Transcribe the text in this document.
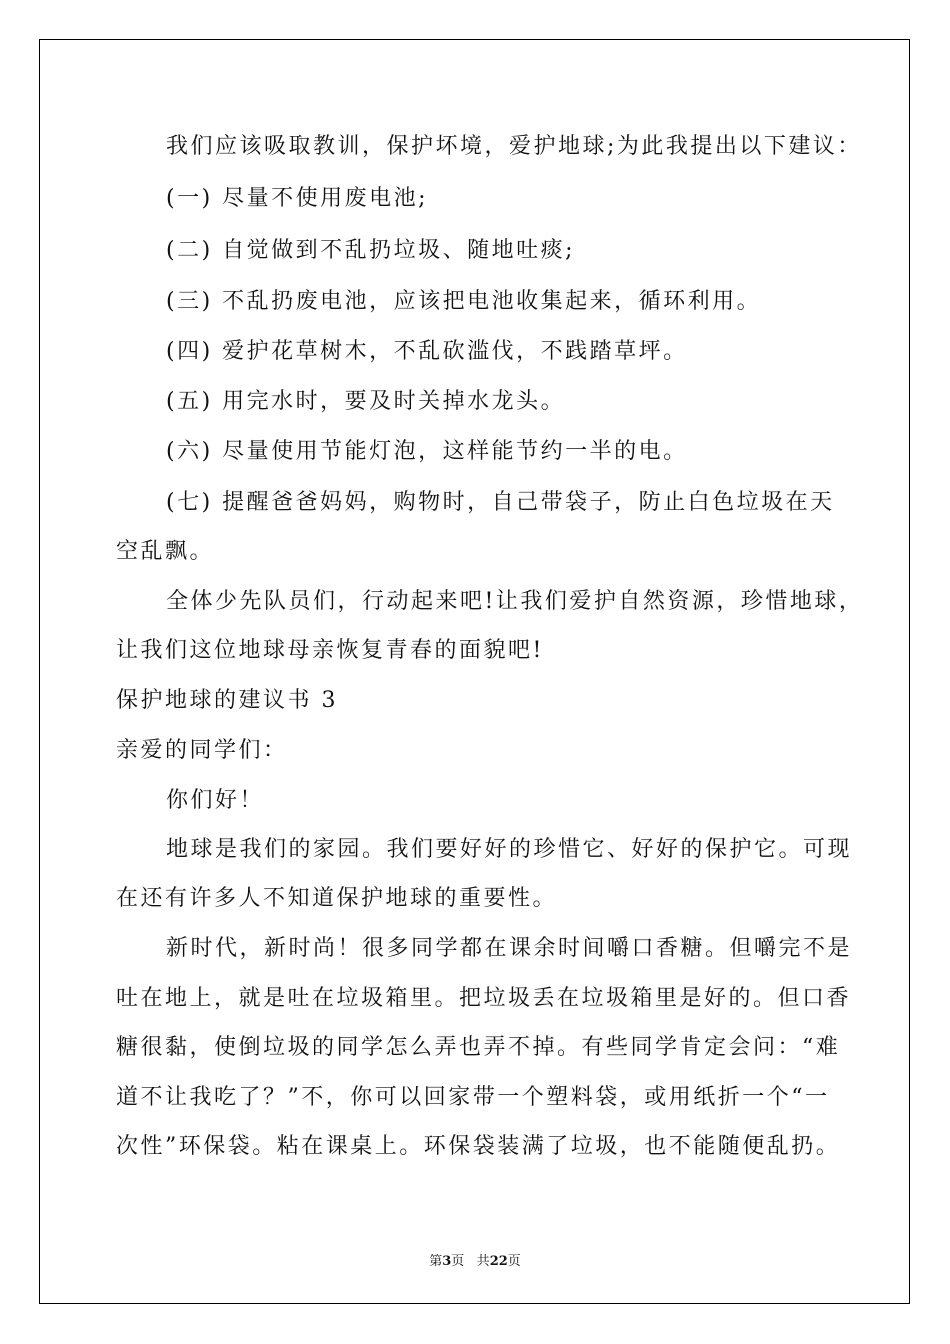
我们应该吸取教训，保护坏境，爱护地球;为此我提出以下建议：
(一) 尽量不使用废电池;
(二) 自觉做到不乱扔垃圾、随地吐痰;
(三) 不乱扔废电池，应该把电池收集起来，循环利用。
(四) 爱护花草树木，不乱砍滥伐，不践踏草坪。
(五) 用完水时，要及时关掉水龙头。
(六) 尽量使用节能灯泡，这样能节约一半的电。
(七) 提醒爸爸妈妈，购物时，自己带袋子，防止白色垃圾在天
空乱飘。
全体少先队员们，行动起来吧!让我们爱护自然资源，珍惜地球，
让我们这位地球母亲恢复青春的面貌吧!
保护地球的建议书 3
亲爱的同学们：
你们好！
地球是我们的家园。我们要好好的珍惜它、好好的保护它。可现
在还有许多人不知道保护地球的重要性。
新时代，新时尚！很多同学都在课余时间嚼口香糖。但嚼完不是
吐在地上，就是吐在垃圾箱里。把垃圾丢在垃圾箱里是好的。但口香
糖很黏，使倒垃圾的同学怎么弄也弄不掉。有些同学肯定会问：“难
道不让我吃了？”不，你可以回家带一个塑料袋，或用纸折一个“一
次性”环保袋。粘在课桌上。环保袋装满了垃圾，也不能随便乱扔。
第3页 共22页
